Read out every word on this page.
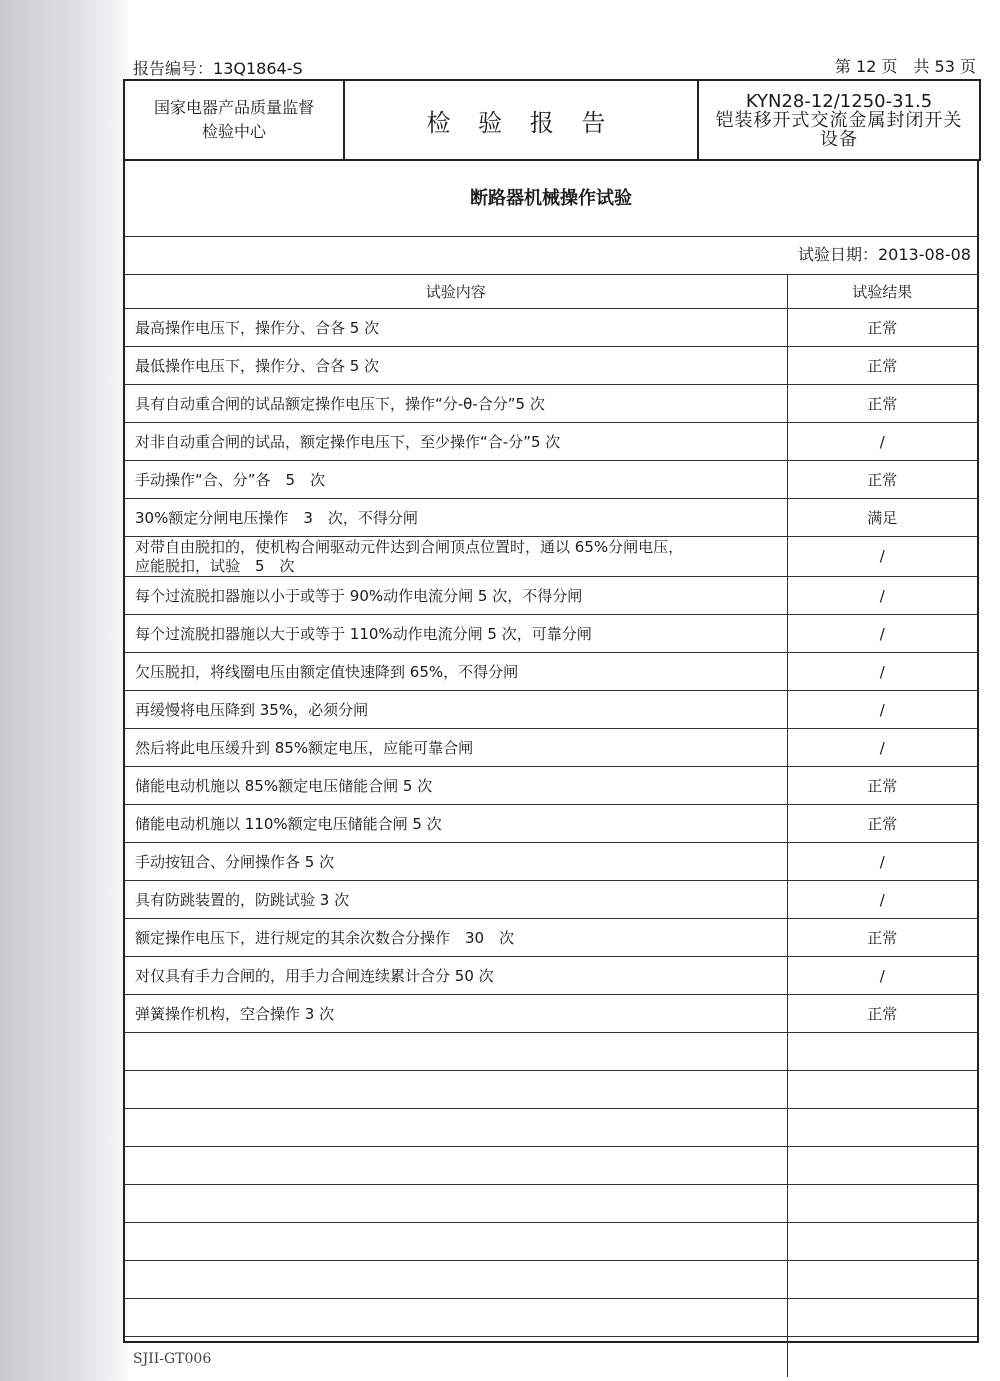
报告编号：13Q1864-S	第 12 页　共 53 页
国家电器产品质量监督
检验中心	检 验 报 告

KYN28-12/1250-31.5
铠装移开式交流金属封闭开关
设备
断路器机械操作试验
试验日期：2013-08-08
试验内容	试验结果
最高操作电压下，操作分、合各 5 次	正常
最低操作电压下，操作分、合各 5 次	正常
具有自动重合闸的试品额定操作电压下，操作“分-θ-合分”5 次	正常
对非自动重合闸的试品，额定操作电压下，至少操作“合-分”5 次	/
手动操作“合、分”各　5　次	正常
30%额定分闸电压操作　3　次，不得分闸	满足

对带自由脱扣的，使机构合闸驱动元件达到合闸顶点位置时，通以 65%分闸电压，
应能脱扣，试验　5　次	/
每个过流脱扣器施以小于或等于 90%动作电流分闸 5 次，不得分闸	/
每个过流脱扣器施以大于或等于 110%动作电流分闸 5 次，可靠分闸	/
欠压脱扣，将线圈电压由额定值快速降到 65%，不得分闸	/
再缓慢将电压降到 35%，必须分闸	/
然后将此电压缓升到 85%额定电压，应能可靠合闸	/
储能电动机施以 85%额定电压储能合闸 5 次	正常
储能电动机施以 110%额定电压储能合闸 5 次	正常
手动按钮合、分闸操作各 5 次	/
具有防跳装置的，防跳试验 3 次	/
额定操作电压下，进行规定的其余次数合分操作　30　次	正常
对仅具有手力合闸的，用手力合闸连续累计合分 50 次	/
弹簧操作机构，空合操作 3 次	正常

SJII-GT006
